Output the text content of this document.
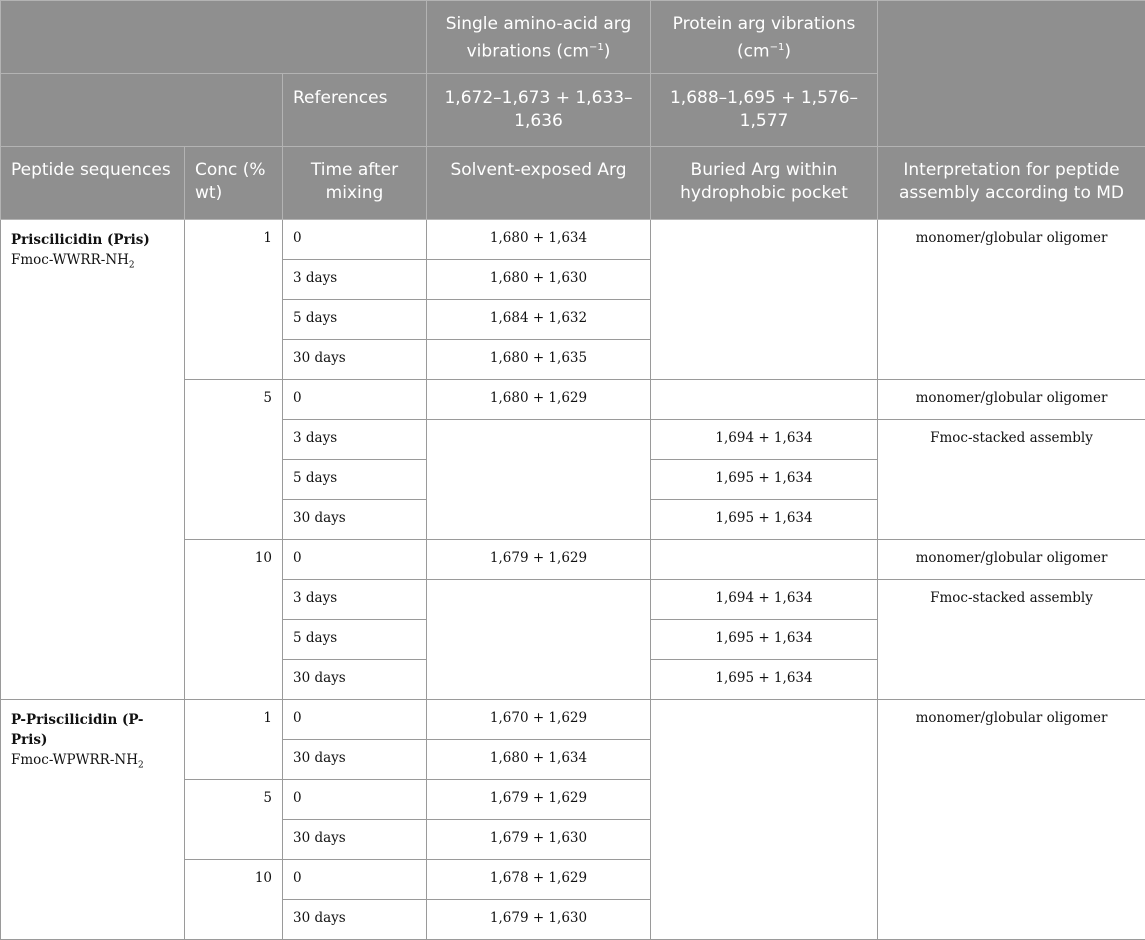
			Single amino-acid arg vibrations $(cm^{-1})$	Protein arg vibrations $(cm^{-1})$	
		References	1,672–1,673 + 1,633–1,636	1,688–1,695 + 1,576–1,577	
Peptide sequences	Conc (% wt)	Time after mixing	Solvent-exposed Arg	Buried Arg within hydrophobic pocket	Interpretation for peptide assembly according to MD

Priscilicidin (Pris)
Fmoc-$WWRR-NH_2$	1	0	1,680 + 1,634		monomer/globular oligomer
		3 days	1,680 + 1,630		
		5 days	1,684 + 1,632		
		30 days	1,680 + 1,635		
	5	0	1,680 + 1,629		monomer/globular oligomer
		3 days		1,694 + 1,634	Fmoc-stacked assembly
		5 days		1,695 + 1,634	
		30 days		1,695 + 1,634	
	10	0	1,679 + 1,629		monomer/globular oligomer
		3 days		1,694 + 1,634	Fmoc-stacked assembly
		5 days		1,695 + 1,634	
		30 days		1,695 + 1,634	

P-Priscilicidin (P-Pris)
Fmoc-$WPWRR-NH_2$	1	0	1,670 + 1,629		monomer/globular oligomer
		30 days	1,680 + 1,634		
	5	0	1,679 + 1,629		
		30 days	1,679 + 1,630		
	10	0	1,678 + 1,629		
		30 days	1,679 + 1,630		
